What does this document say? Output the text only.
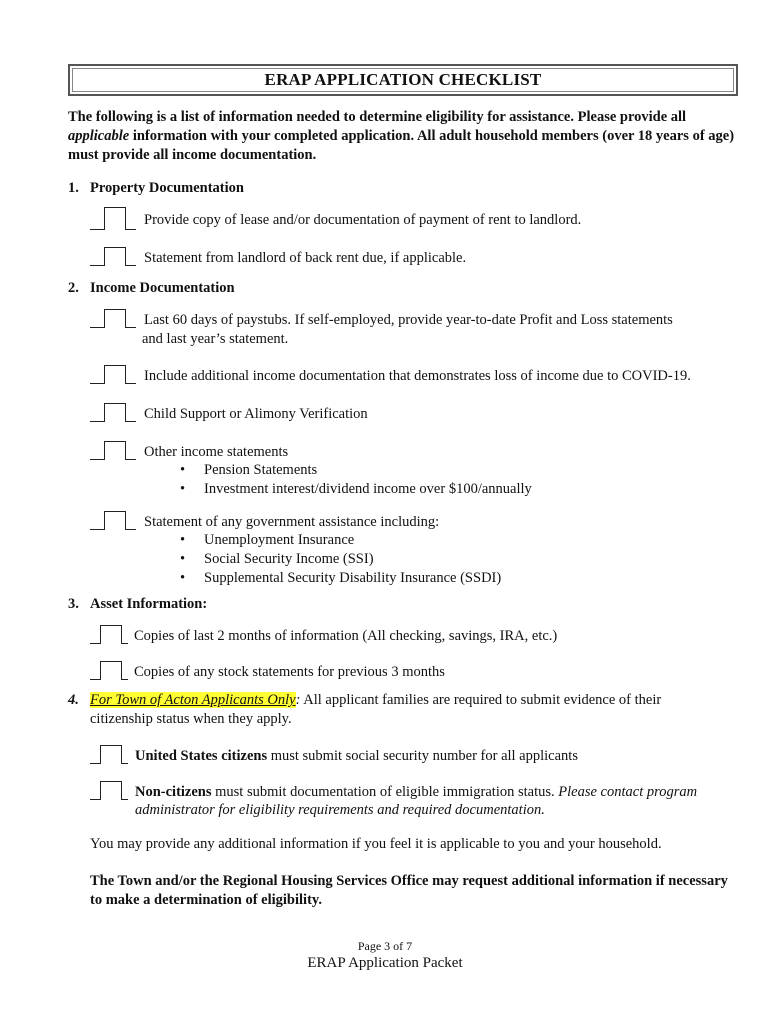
ERAP APPLICATION CHECKLIST
The following is a list of information needed to determine eligibility for assistance. Please provide all applicable information with your completed application. All adult household members (over 18 years of age) must provide all income documentation.
1. Property Documentation
Provide copy of lease and/or documentation of payment of rent to landlord.
Statement from landlord of back rent due, if applicable.
2. Income Documentation
Last 60 days of paystubs. If self-employed, provide year-to-date Profit and Loss statements
and last year’s statement.
Include additional income documentation that demonstrates loss of income due to COVID-19.
Child Support or Alimony Verification
Other income statements
• Pension Statements
• Investment interest/dividend income over $100/annually
Statement of any government assistance including:
• Unemployment Insurance
• Social Security Income (SSI)
• Supplemental Security Disability Insurance (SSDI)
3. Asset Information:
Copies of last 2 months of information (All checking, savings, IRA, etc.)
Copies of any stock statements for previous 3 months
4. For Town of Acton Applicants Only: All applicant families are required to submit evidence of their
citizenship status when they apply.
United States citizens must submit social security number for all applicants
Non-citizens must submit documentation of eligible immigration status. Please contact program
administrator for eligibility requirements and required documentation.
You may provide any additional information if you feel it is applicable to you and your household.
The Town and/or the Regional Housing Services Office may request additional information if necessary to make a determination of eligibility.
Page 3 of 7
ERAP Application Packet
